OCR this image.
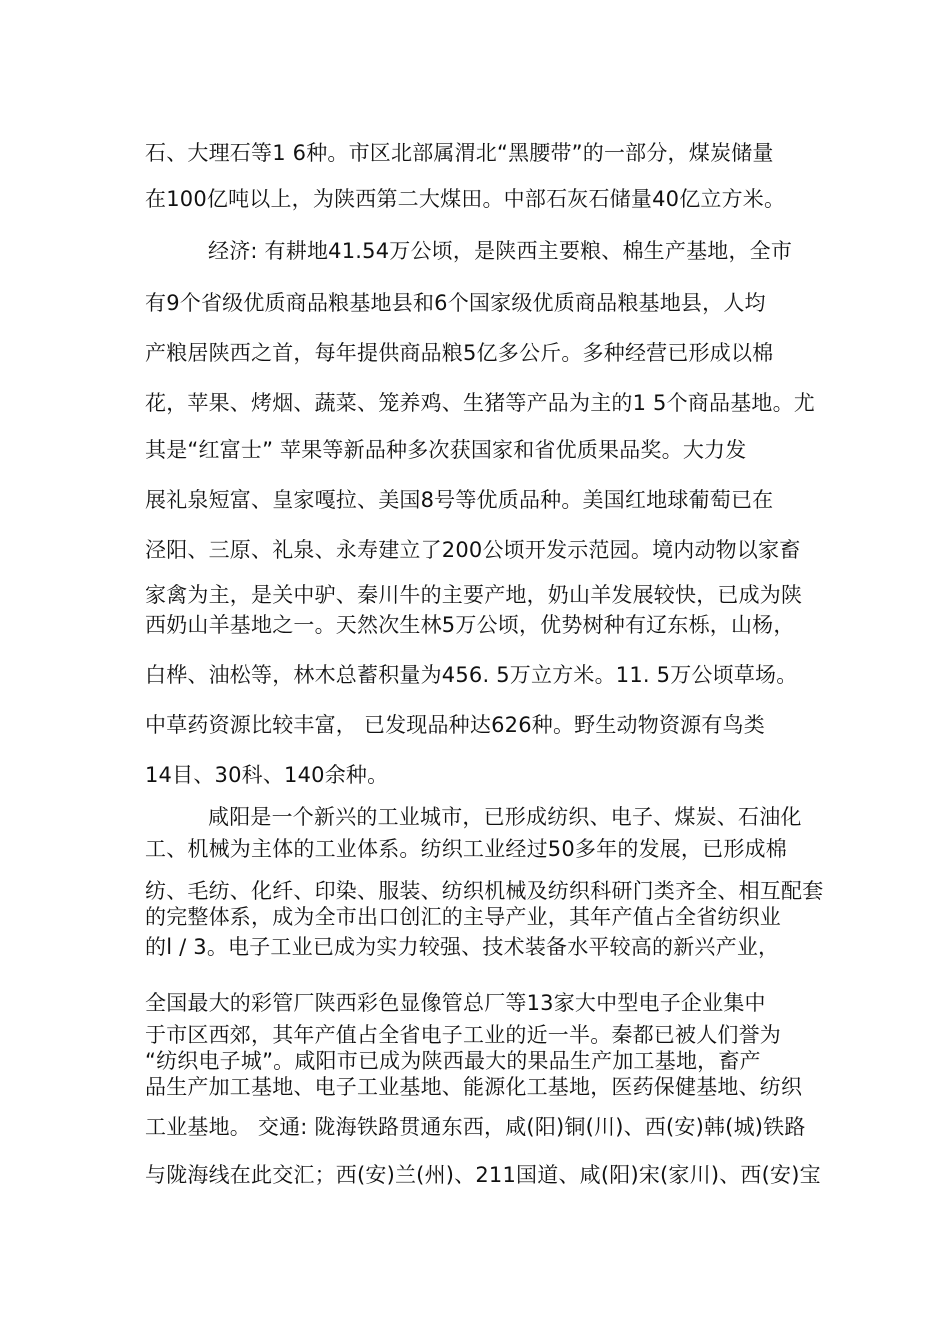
石、大理石等1 6种。市区北部属渭北“黑腰带”的一部分，煤炭储量
在100亿吨以上，为陕西第二大煤田。中部石灰石储量40亿立方米。
经济: 有耕地41.54万公顷，是陕西主要粮、棉生产基地，全市
有9个省级优质商品粮基地县和6个国家级优质商品粮基地县，人均
产粮居陕西之首，每年提供商品粮5亿多公斤。多种经营已形成以棉
花，苹果、烤烟、蔬菜、笼养鸡、生猪等产品为主的1 5个商品基地。尤
其是“红富士” 苹果等新品种多次获国家和省优质果品奖。大力发
展礼泉短富、皇家嘎拉、美国8号等优质品种。美国红地球葡萄已在
泾阳、三原、礼泉、永寿建立了200公顷开发示范园。境内动物以家畜
家禽为主，是关中驴、秦川牛的主要产地，奶山羊发展较快，已成为陕
西奶山羊基地之一。天然次生林5万公顷，优势树种有辽东栎，山杨，
白桦、油松等，林木总蓄积量为456. 5万立方米。11. 5万公顷草场。
中草药资源比较丰富， 已发现品种达626种。野生动物资源有鸟类
14目、30科、140余种。
咸阳是一个新兴的工业城市，已形成纺织、电子、煤炭、石油化
工、机械为主体的工业体系。纺织工业经过50多年的发展，已形成棉
纺、毛纺、化纤、印染、服装、纺织机械及纺织科研门类齐全、相互配套
的完整体系，成为全市出口创汇的主导产业，其年产值占全省纺织业
的l / 3。电子工业已成为实力较强、技术装备水平较高的新兴产业，
全国最大的彩管厂陕西彩色显像管总厂等13家大中型电子企业集中
于市区西郊，其年产值占全省电子工业的近一半。秦都已被人们誉为
“纺织电子城”。咸阳市已成为陕西最大的果品生产加工基地，畜产
品生产加工基地、电子工业基地、能源化工基地，医药保健基地、纺织
工业基地。 交通: 陇海铁路贯通东西，咸(阳)铜(川)、西(安)韩(城)铁路
与陇海线在此交汇；西(安)兰(州)、211国道、咸(阳)宋(家川)、西(安)宝
